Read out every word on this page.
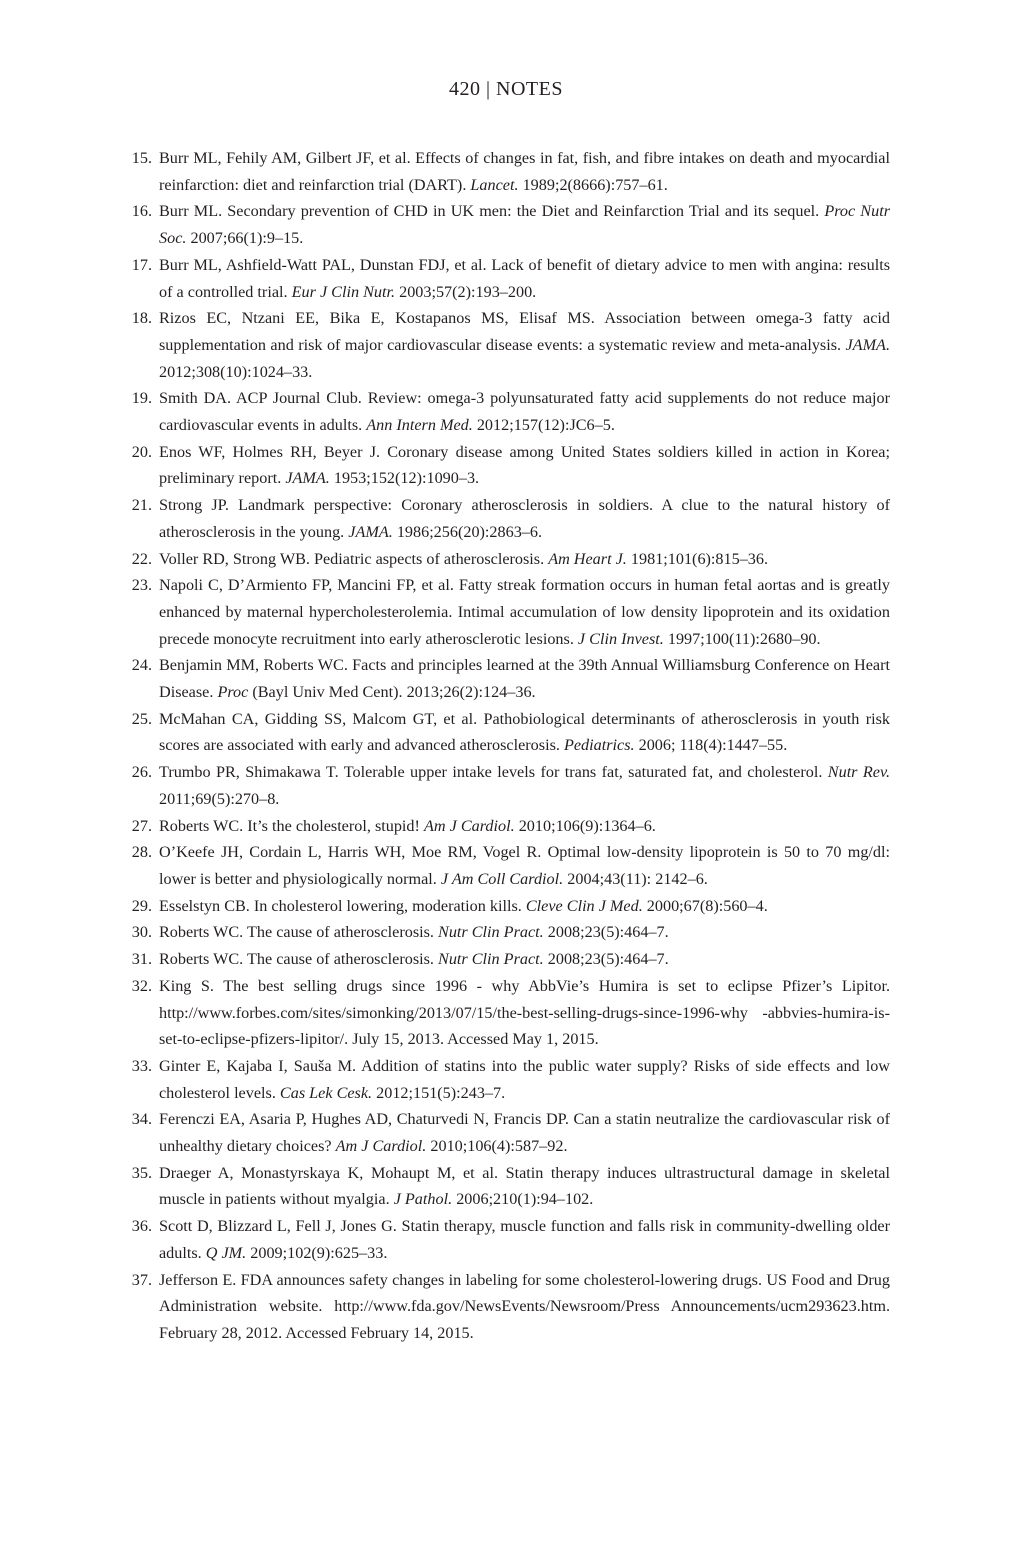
420 | NOTES
15. Burr ML, Fehily AM, Gilbert JF, et al. Effects of changes in fat, fish, and fibre intakes on death and myocardial reinfarction: diet and reinfarction trial (DART). Lancet. 1989;2(8666):757–61.
16. Burr ML. Secondary prevention of CHD in UK men: the Diet and Reinfarction Trial and its sequel. Proc Nutr Soc. 2007;66(1):9–15.
17. Burr ML, Ashfield-Watt PAL, Dunstan FDJ, et al. Lack of benefit of dietary advice to men with angina: results of a controlled trial. Eur J Clin Nutr. 2003;57(2):193–200.
18. Rizos EC, Ntzani EE, Bika E, Kostapanos MS, Elisaf MS. Association between omega-3 fatty acid supplementation and risk of major cardiovascular disease events: a systematic review and meta-analysis. JAMA. 2012;308(10):1024–33.
19. Smith DA. ACP Journal Club. Review: omega-3 polyunsaturated fatty acid supplements do not reduce major cardiovascular events in adults. Ann Intern Med. 2012;157(12):JC6–5.
20. Enos WF, Holmes RH, Beyer J. Coronary disease among United States soldiers killed in action in Korea; preliminary report. JAMA. 1953;152(12):1090–3.
21. Strong JP. Landmark perspective: Coronary atherosclerosis in soldiers. A clue to the natural history of atherosclerosis in the young. JAMA. 1986;256(20):2863–6.
22. Voller RD, Strong WB. Pediatric aspects of atherosclerosis. Am Heart J. 1981;101(6):815–36.
23. Napoli C, D’Armiento FP, Mancini FP, et al. Fatty streak formation occurs in human fetal aortas and is greatly enhanced by maternal hypercholesterolemia. Intimal accumulation of low density lipoprotein and its oxidation precede monocyte recruitment into early atherosclerotic lesions. J Clin Invest. 1997;100(11):2680–90.
24. Benjamin MM, Roberts WC. Facts and principles learned at the 39th Annual Williamsburg Conference on Heart Disease. Proc (Bayl Univ Med Cent). 2013;26(2):124–36.
25. McMahan CA, Gidding SS, Malcom GT, et al. Pathobiological determinants of atherosclerosis in youth risk scores are associated with early and advanced atherosclerosis. Pediatrics. 2006; 118(4):1447–55.
26. Trumbo PR, Shimakawa T. Tolerable upper intake levels for trans fat, saturated fat, and cholesterol. Nutr Rev. 2011;69(5):270–8.
27. Roberts WC. It’s the cholesterol, stupid! Am J Cardiol. 2010;106(9):1364–6.
28. O’Keefe JH, Cordain L, Harris WH, Moe RM, Vogel R. Optimal low-density lipoprotein is 50 to 70 mg/dl: lower is better and physiologically normal. J Am Coll Cardiol. 2004;43(11): 2142–6.
29. Esselstyn CB. In cholesterol lowering, moderation kills. Cleve Clin J Med. 2000;67(8):560–4.
30. Roberts WC. The cause of atherosclerosis. Nutr Clin Pract. 2008;23(5):464–7.
31. Roberts WC. The cause of atherosclerosis. Nutr Clin Pract. 2008;23(5):464–7.
32. King S. The best selling drugs since 1996 - why AbbVie’s Humira is set to eclipse Pfizer’s Lipitor. http://www.forbes.com/sites/simonking/2013/07/15/the-best-selling-drugs-since-1996-why -abbvies-humira-is-set-to-eclipse-pfizers-lipitor/. July 15, 2013. Accessed May 1, 2015.
33. Ginter E, Kajaba I, Sauša M. Addition of statins into the public water supply? Risks of side effects and low cholesterol levels. Cas Lek Cesk. 2012;151(5):243–7.
34. Ferenczi EA, Asaria P, Hughes AD, Chaturvedi N, Francis DP. Can a statin neutralize the cardiovascular risk of unhealthy dietary choices? Am J Cardiol. 2010;106(4):587–92.
35. Draeger A, Monastyrskaya K, Mohaupt M, et al. Statin therapy induces ultrastructural damage in skeletal muscle in patients without myalgia. J Pathol. 2006;210(1):94–102.
36. Scott D, Blizzard L, Fell J, Jones G. Statin therapy, muscle function and falls risk in community-dwelling older adults. Q JM. 2009;102(9):625–33.
37. Jefferson E. FDA announces safety changes in labeling for some cholesterol-lowering drugs. US Food and Drug Administration website. http://www.fda.gov/NewsEvents/Newsroom/Press Announcements/ucm293623.htm. February 28, 2012. Accessed February 14, 2015.
